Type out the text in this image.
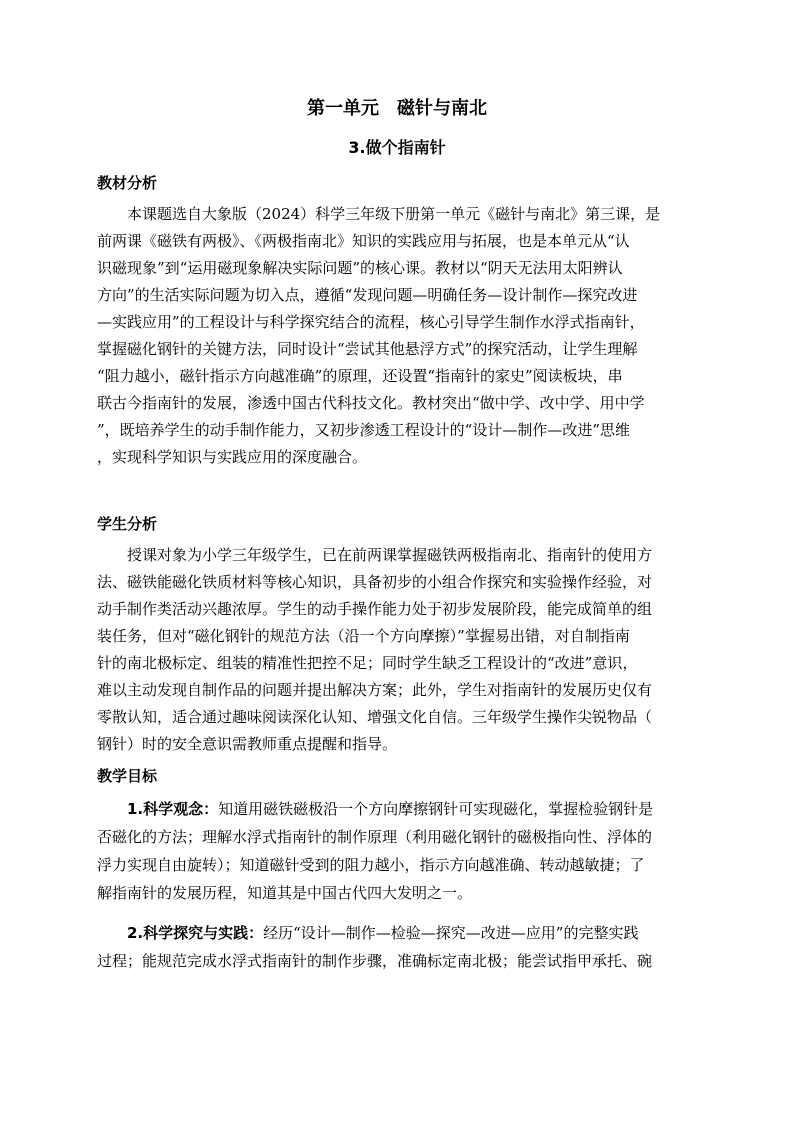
第一单元　磁针与南北
3.做个指南针
教材分析
本课题选自大象版（2024）科学三年级下册第一单元《磁针与南北》第三课，是
前两课《磁铁有两极》、《两极指南北》知识的实践应用与拓展，也是本单元从“认
识磁现象”到“运用磁现象解决实际问题”的核心课。教材以“阴天无法用太阳辨认
方向”的生活实际问题为切入点，遵循“发现问题—明确任务—设计制作—探究改进
—实践应用”的工程设计与科学探究结合的流程，核心引导学生制作水浮式指南针，
掌握磁化钢针的关键方法，同时设计“尝试其他悬浮方式”的探究活动，让学生理解
“阻力越小，磁针指示方向越准确”的原理，还设置“指南针的家史”阅读板块，串
联古今指南针的发展，渗透中国古代科技文化。教材突出“做中学、改中学、用中学
”，既培养学生的动手制作能力，又初步渗透工程设计的“设计—制作—改进”思维
，实现科学知识与实践应用的深度融合。
学生分析
授课对象为小学三年级学生，已在前两课掌握磁铁两极指南北、指南针的使用方
法、磁铁能磁化铁质材料等核心知识，具备初步的小组合作探究和实验操作经验，对
动手制作类活动兴趣浓厚。学生的动手操作能力处于初步发展阶段，能完成简单的组
装任务，但对“磁化钢针的规范方法（沿一个方向摩擦）”掌握易出错，对自制指南
针的南北极标定、组装的精准性把控不足；同时学生缺乏工程设计的“改进”意识，
难以主动发现自制作品的问题并提出解决方案；此外，学生对指南针的发展历史仅有
零散认知，适合通过趣味阅读深化认知、增强文化自信。三年级学生操作尖锐物品（
钢针）时的安全意识需教师重点提醒和指导。
教学目标
1.科学观念：知道用磁铁磁极沿一个方向摩擦钢针可实现磁化，掌握检验钢针是
否磁化的方法；理解水浮式指南针的制作原理（利用磁化钢针的磁极指向性、浮体的
浮力实现自由旋转）；知道磁针受到的阻力越小，指示方向越准确、转动越敏捷；了
解指南针的发展历程，知道其是中国古代四大发明之一。
2.科学探究与实践：经历“设计—制作—检验—探究—改进—应用”的完整实践
过程；能规范完成水浮式指南针的制作步骤，准确标定南北极；能尝试指甲承托、碗
